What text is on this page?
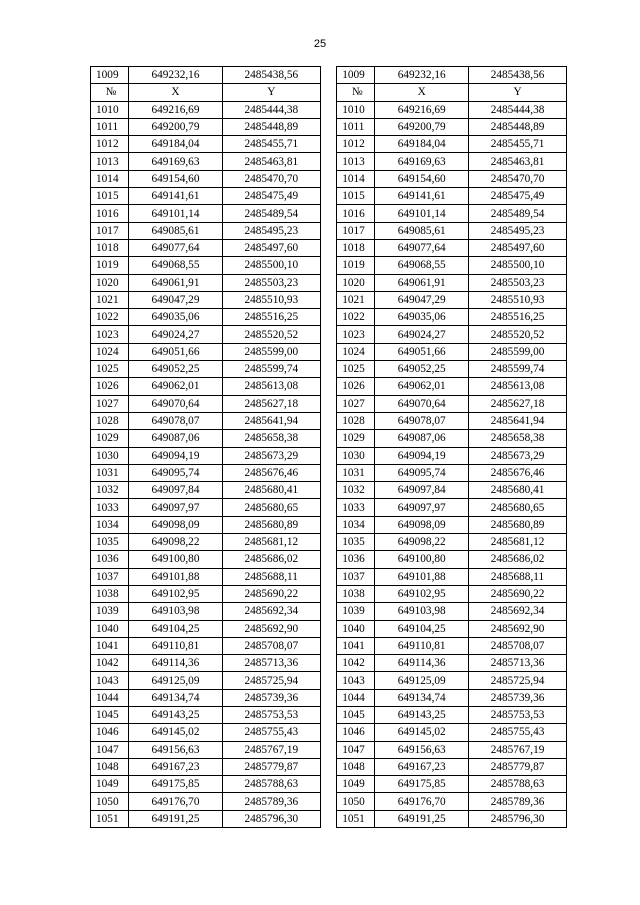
25
1009	649232,16	2485438,56		1009	649232,16	2485438,56
№	X	Y		№	X	Y
1010	649216,69	2485444,38		1010	649216,69	2485444,38
1011	649200,79	2485448,89		1011	649200,79	2485448,89
1012	649184,04	2485455,71		1012	649184,04	2485455,71
1013	649169,63	2485463,81		1013	649169,63	2485463,81
1014	649154,60	2485470,70		1014	649154,60	2485470,70
1015	649141,61	2485475,49		1015	649141,61	2485475,49
1016	649101,14	2485489,54		1016	649101,14	2485489,54
1017	649085,61	2485495,23		1017	649085,61	2485495,23
1018	649077,64	2485497,60		1018	649077,64	2485497,60
1019	649068,55	2485500,10		1019	649068,55	2485500,10
1020	649061,91	2485503,23		1020	649061,91	2485503,23
1021	649047,29	2485510,93		1021	649047,29	2485510,93
1022	649035,06	2485516,25		1022	649035,06	2485516,25
1023	649024,27	2485520,52		1023	649024,27	2485520,52
1024	649051,66	2485599,00		1024	649051,66	2485599,00
1025	649052,25	2485599,74		1025	649052,25	2485599,74
1026	649062,01	2485613,08		1026	649062,01	2485613,08
1027	649070,64	2485627,18		1027	649070,64	2485627,18
1028	649078,07	2485641,94		1028	649078,07	2485641,94
1029	649087,06	2485658,38		1029	649087,06	2485658,38
1030	649094,19	2485673,29		1030	649094,19	2485673,29
1031	649095,74	2485676,46		1031	649095,74	2485676,46
1032	649097,84	2485680,41		1032	649097,84	2485680,41
1033	649097,97	2485680,65		1033	649097,97	2485680,65
1034	649098,09	2485680,89		1034	649098,09	2485680,89
1035	649098,22	2485681,12		1035	649098,22	2485681,12
1036	649100,80	2485686,02		1036	649100,80	2485686,02
1037	649101,88	2485688,11		1037	649101,88	2485688,11
1038	649102,95	2485690,22		1038	649102,95	2485690,22
1039	649103,98	2485692,34		1039	649103,98	2485692,34
1040	649104,25	2485692,90		1040	649104,25	2485692,90
1041	649110,81	2485708,07		1041	649110,81	2485708,07
1042	649114,36	2485713,36		1042	649114,36	2485713,36
1043	649125,09	2485725,94		1043	649125,09	2485725,94
1044	649134,74	2485739,36		1044	649134,74	2485739,36
1045	649143,25	2485753,53		1045	649143,25	2485753,53
1046	649145,02	2485755,43		1046	649145,02	2485755,43
1047	649156,63	2485767,19		1047	649156,63	2485767,19
1048	649167,23	2485779,87		1048	649167,23	2485779,87
1049	649175,85	2485788,63		1049	649175,85	2485788,63
1050	649176,70	2485789,36		1050	649176,70	2485789,36
1051	649191,25	2485796,30		1051	649191,25	2485796,30
